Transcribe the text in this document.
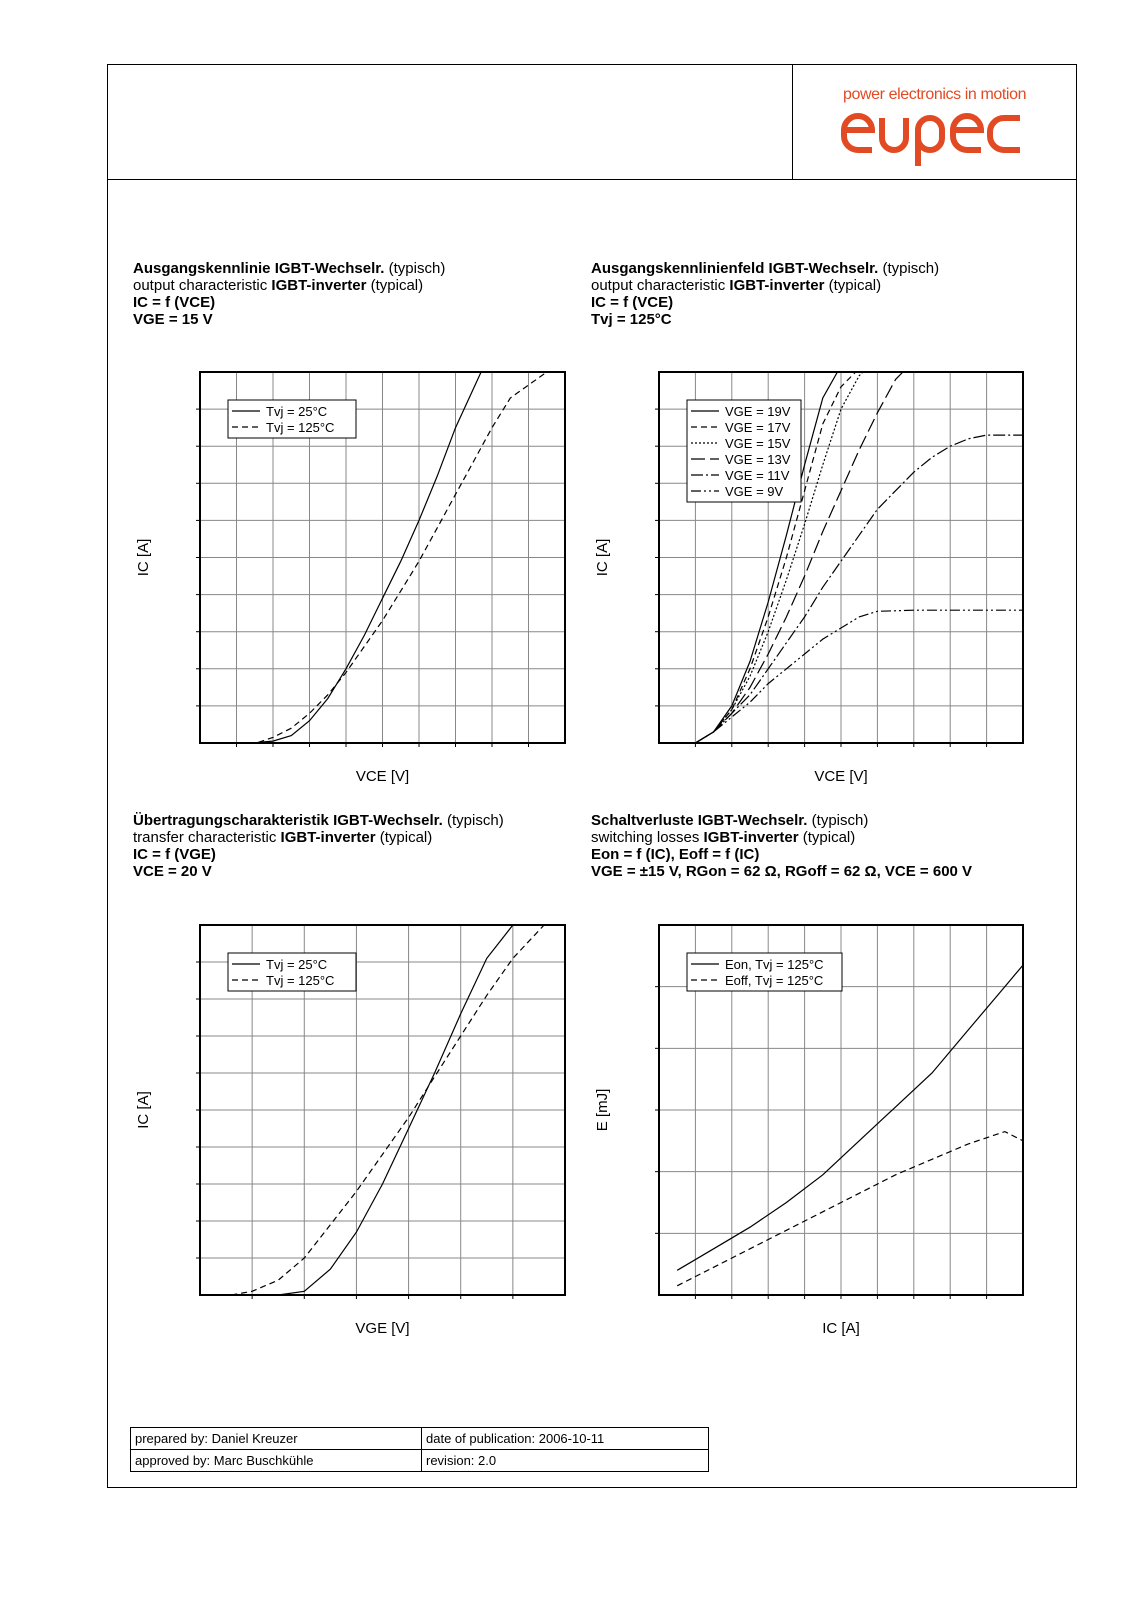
power electronics in motion
Ausgangskennlinie IGBT-Wechselr. (typisch)
output characteristic IGBT-inverter (typical)
IC = f (VCE)
VGE = 15 V
Ausgangskennlinienfeld IGBT-Wechselr. (typisch)
output characteristic IGBT-inverter (typical)
IC = f (VCE)
Tvj = 125°C
Übertragungscharakteristik IGBT-Wechselr. (typisch)
transfer characteristic IGBT-inverter (typical)
IC = f (VGE)
VCE = 20 V
Schaltverluste IGBT-Wechselr. (typisch)
switching losses IGBT-inverter (typical)
Eon = f (IC), Eoff = f (IC)
VGE = ±15 V, RGon = 62 Ω, RGoff = 62 Ω, VCE = 600 V
Tvj = 25°C
Tvj = 125°C
VCE [V]
IC [A]
VGE = 19V
VGE = 17V
VGE = 15V
VGE = 13V
VGE = 11V
VGE = 9V
VCE [V]
IC [A]
Tvj = 25°C
Tvj = 125°C
VGE [V]
IC [A]
Eon, Tvj = 125°C
Eoff, Tvj = 125°C
IC [A]
E [mJ]
prepared by: Daniel Kreuzer	date of publication: 2006-10-11
approved by: Marc Buschkühle	revision: 2.0
